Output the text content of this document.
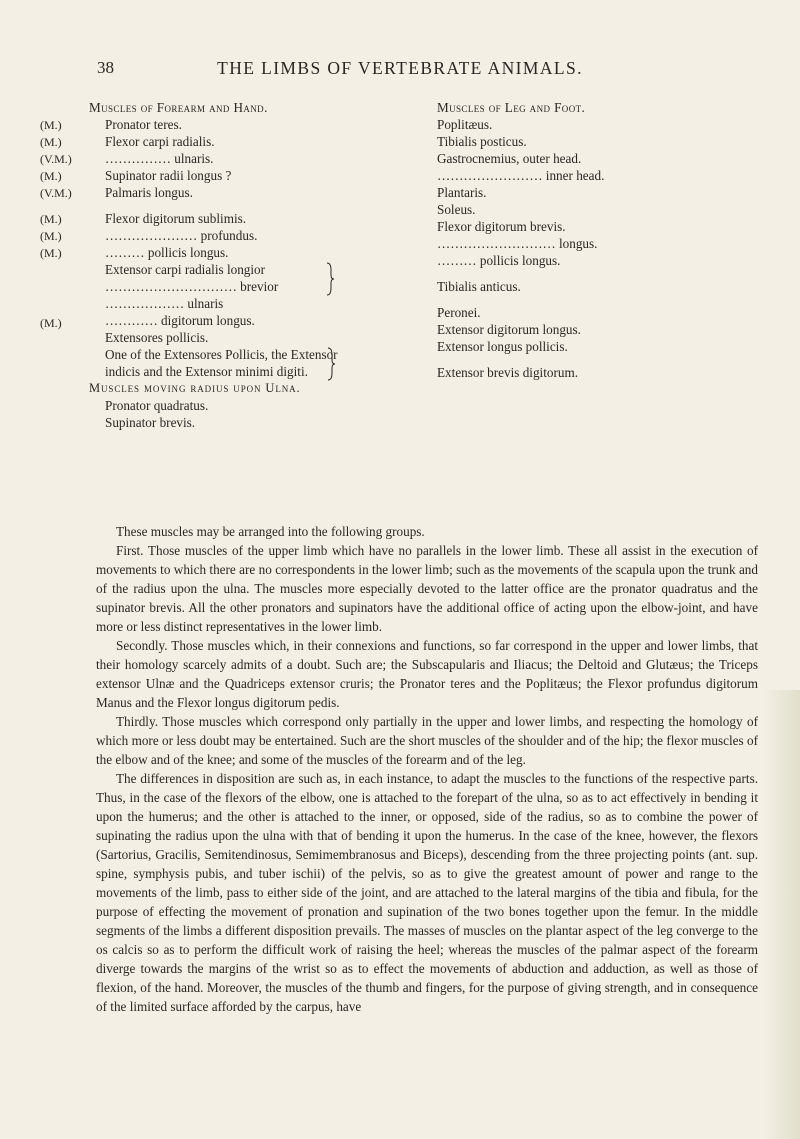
38	THE LIMBS OF VERTEBRATE ANIMALS.
(M.)
(M.)
(V.M.)
(M.)
(V.M.)
(M.)
(M.)
(M.)
(M.)
Muscles of Forearm and Hand.
Pronator teres.
Flexor carpi radialis.
…………… ulnaris.
Supinator radii longus ?
Palmaris longus.
Flexor digitorum sublimis.
………………… profundus.
……… pollicis longus.
Extensor carpi radialis longior
………………………… brevior
……………… ulnaris
………… digitorum longus.
Extensores pollicis.
One of the Extensores Pollicis, the Extensor
indicis and the Extensor minimi digiti.
Muscles moving radius upon Ulna.
Pronator quadratus.
Supinator brevis.
Muscles of Leg and Foot.
Poplitæus.
Tibialis posticus.
Gastrocnemius, outer head.
…………………… inner head.
Plantaris.
Soleus.
Flexor digitorum brevis.
……………………… longus.
……… pollicis longus.
Tibialis anticus.
Peronei.
Extensor digitorum longus.
Extensor longus pollicis.
Extensor brevis digitorum.

These muscles may be arranged into the following groups.

First. Those muscles of the upper limb which have no parallels in the lower limb. These all assist in the execution of movements to which there are no correspondents in the lower limb; such as the movements of the scapula upon the trunk and of the radius upon the ulna. The muscles more especially devoted to the latter office are the pronator quadratus and the supinator brevis. All the other pronators and supinators have the additional office of acting upon the elbow-joint, and have more or less distinct representatives in the lower limb.

Secondly. Those muscles which, in their connexions and functions, so far correspond in the upper and lower limbs, that their homology scarcely admits of a doubt. Such are; the Subscapularis and Iliacus; the Deltoid and Glutæus; the Triceps extensor Ulnæ and the Quadriceps extensor cruris; the Pronator teres and the Poplitæus; the Flexor profundus digitorum Manus and the Flexor longus digitorum pedis.

Thirdly. Those muscles which correspond only partially in the upper and lower limbs, and respecting the homology of which more or less doubt may be entertained. Such are the short muscles of the shoulder and of the hip; the flexor muscles of the elbow and of the knee; and some of the muscles of the forearm and of the leg.

The differences in disposition are such as, in each instance, to adapt the muscles to the functions of the respective parts. Thus, in the case of the flexors of the elbow, one is attached to the forepart of the ulna, so as to act effectively in bending it upon the humerus; and the other is attached to the inner, or opposed, side of the radius, so as to combine the power of supinating the radius upon the ulna with that of bending it upon the humerus. In the case of the knee, however, the flexors (Sartorius, Gracilis, Semitendinosus, Semimembranosus and Biceps), descending from the three projecting points (ant. sup. spine, symphysis pubis, and tuber ischii) of the pelvis, so as to give the greatest amount of power and range to the movements of the limb, pass to either side of the joint, and are attached to the lateral margins of the tibia and fibula, for the purpose of effecting the movement of pronation and supination of the two bones together upon the femur. In the middle segments of the limbs a different disposition prevails. The masses of muscles on the plantar aspect of the leg converge to the os calcis so as to perform the difficult work of raising the heel; whereas the muscles of the palmar aspect of the forearm diverge towards the margins of the wrist so as to effect the movements of abduction and adduction, as well as those of flexion, of the hand. Moreover, the muscles of the thumb and fingers, for the purpose of giving strength, and in consequence of the limited surface afforded by the carpus, have
